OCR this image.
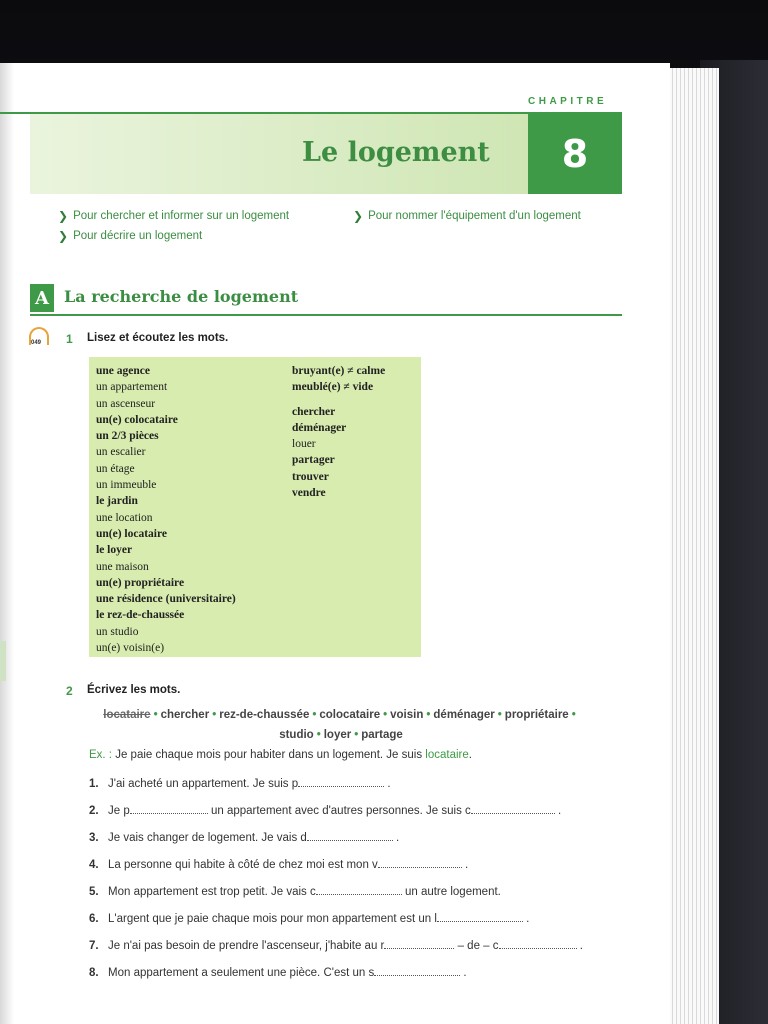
CHAPITRE
Le logement 8
❯ Pour chercher et informer sur un logement
❯ Pour décrire un logement
❯ Pour nommer l'équipement d'un logement
A La recherche de logement
049 1 Lisez et écoutez les mots.
une agence
un appartement
un ascenseur
un(e) colocataire
un 2/3 pièces
un escalier
un étage
un immeuble
le jardin
une location
un(e) locataire
le loyer
une maison
un(e) propriétaire
une résidence (universitaire)
le rez-de-chaussée
un studio
un(e) voisin(e)
bruyant(e) ≠ calme
meublé(e) ≠ vide
chercher
déménager
louer
partager
trouver
vendre
2 Écrivez les mots.
locataire • chercher • rez-de-chaussée • colocataire • voisin • déménager • propriétaire •
studio • loyer • partage
Ex. : Je paie chaque mois pour habiter dans un logement. Je suis locataire.
1. J'ai acheté un appartement. Je suis p	.
2. Je p	un appartement avec d'autres personnes. Je suis c	.
3. Je vais changer de logement. Je vais d	.
4. La personne qui habite à côté de chez moi est mon v	.
5. Mon appartement est trop petit. Je vais c	un autre logement.
6. L'argent que je paie chaque mois pour mon appartement est un l	.
7. Je n'ai pas besoin de prendre l'ascenseur, j'habite au r	– de – c	.
8. Mon appartement a seulement une pièce. C'est un s	.
